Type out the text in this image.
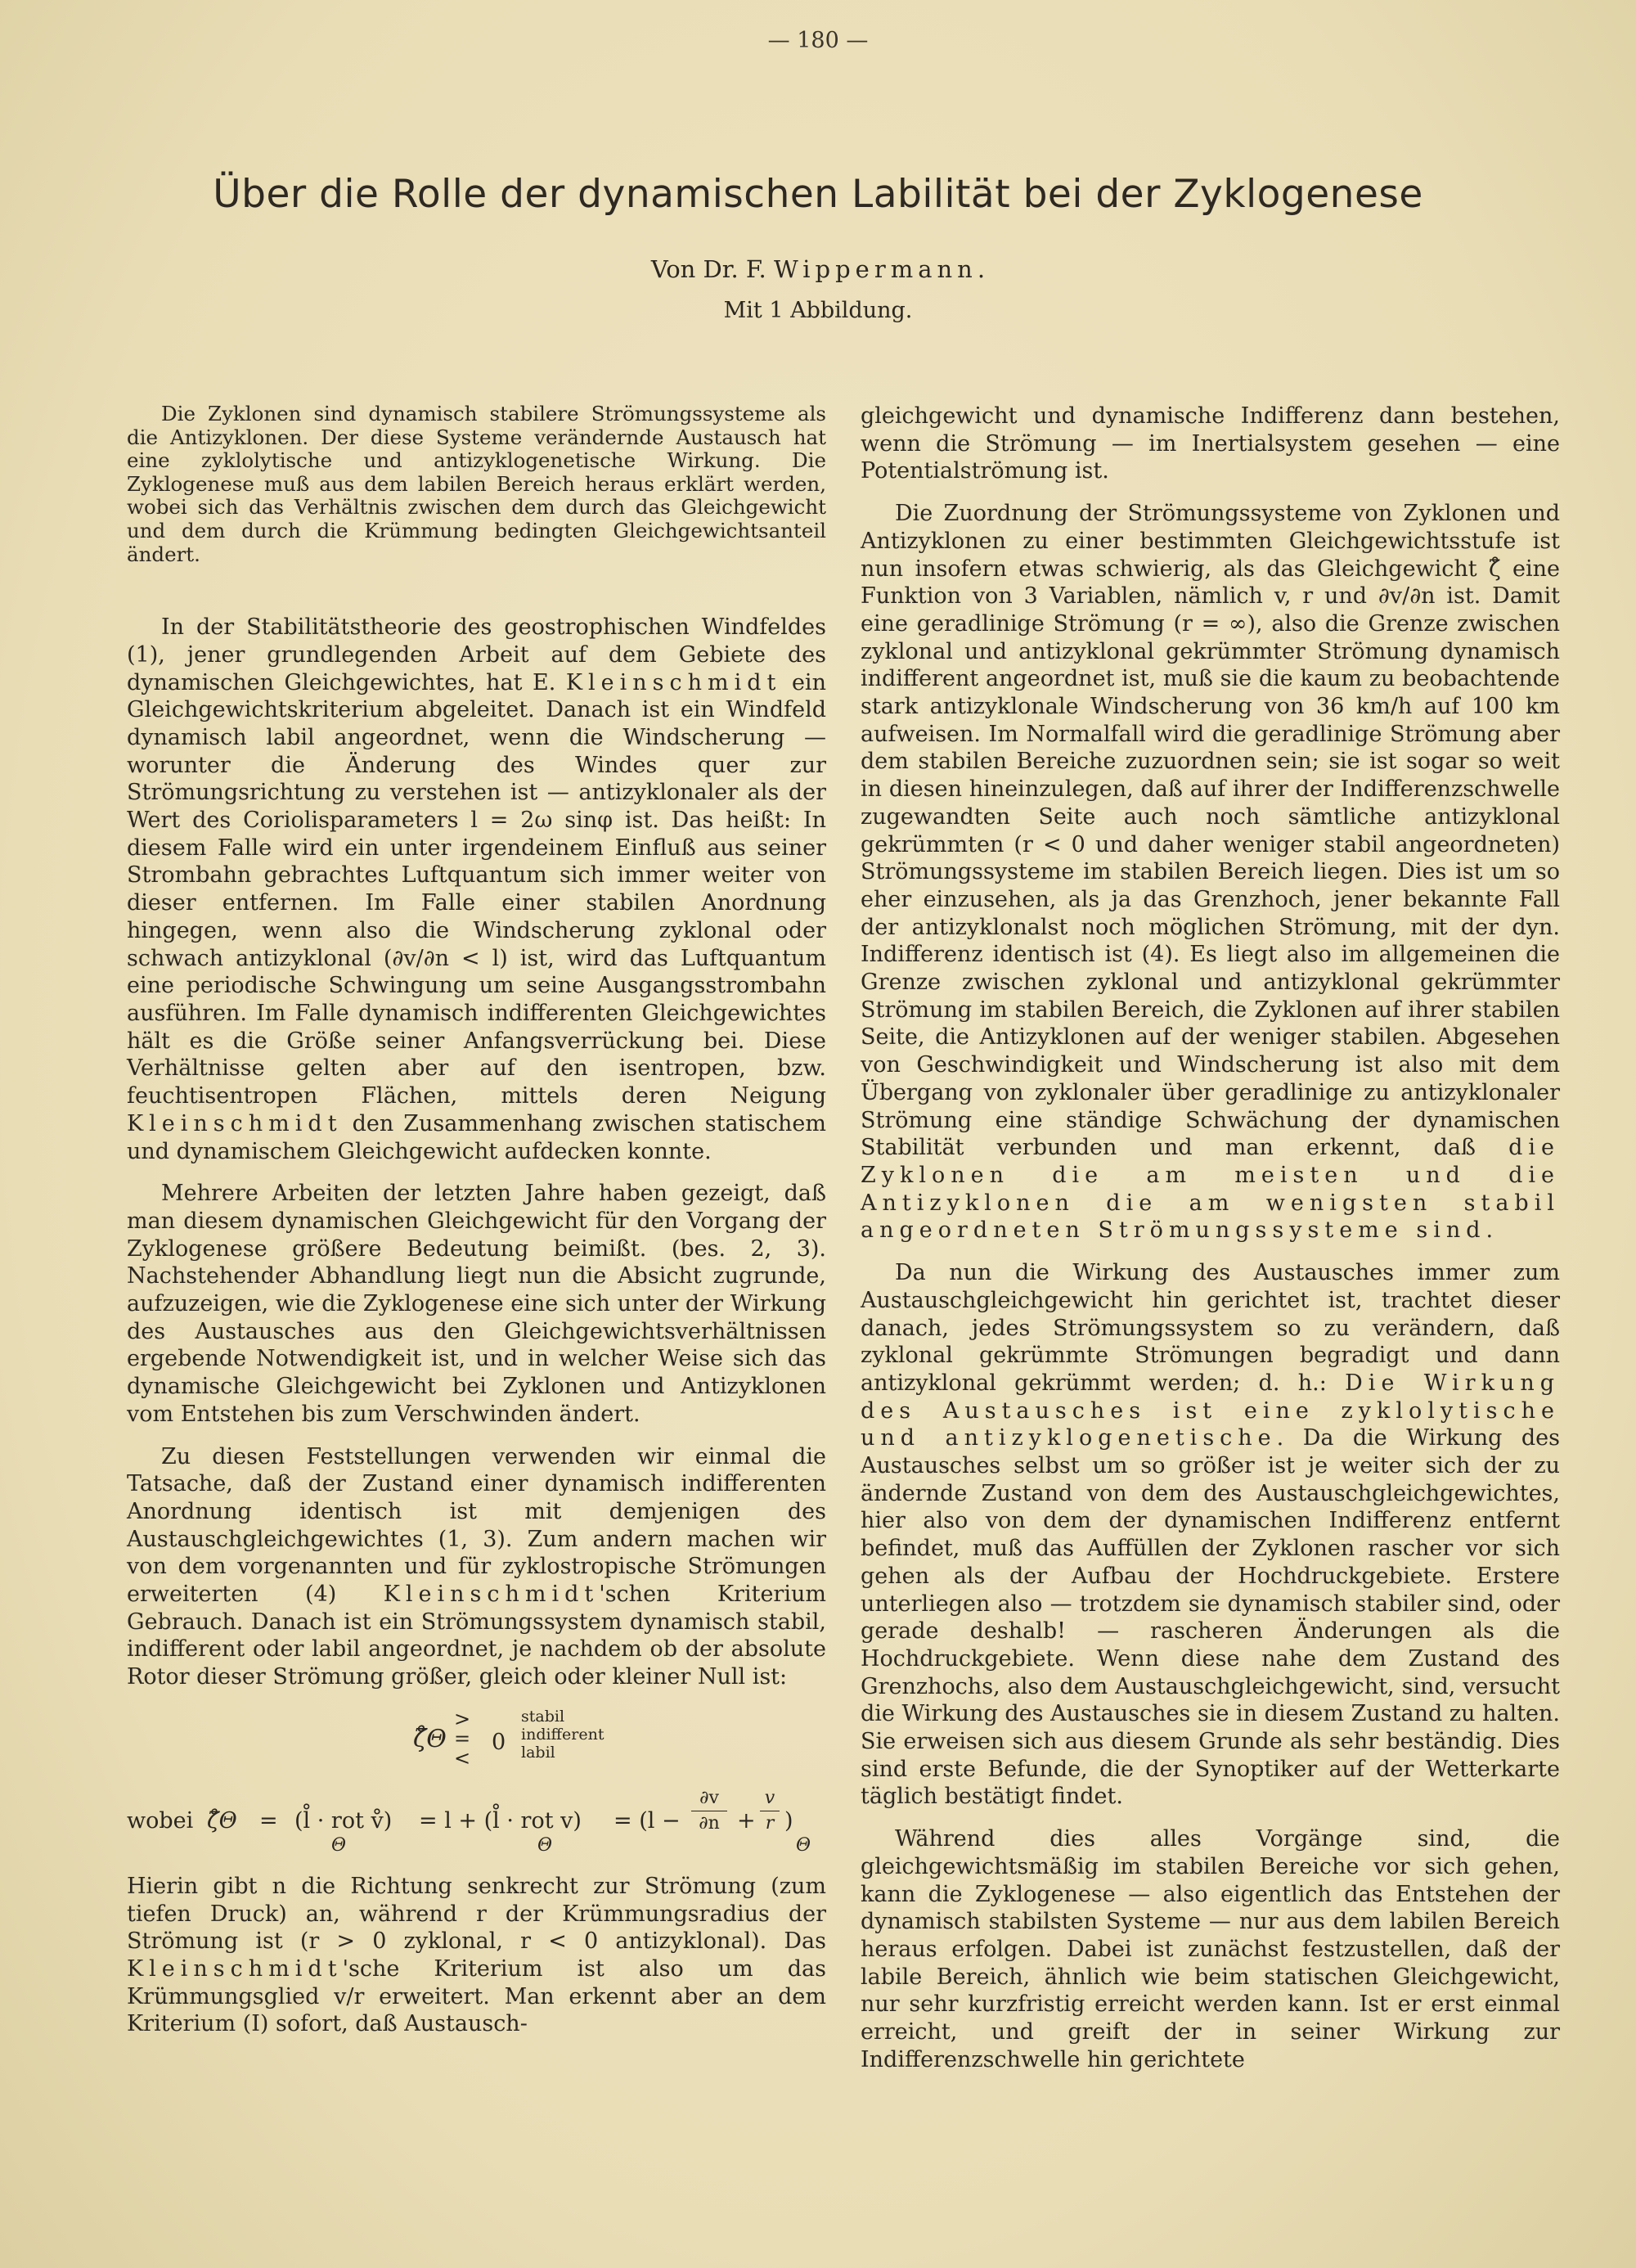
— 180 —
Über die Rolle der dynamischen Labilität bei der Zyklogenese
Von Dr. F. Wippermann.
Mit 1 Abbildung.

Die Zyklonen sind dynamisch stabilere Strömungssysteme als die Antizyklonen. Der diese Systeme verändernde Austausch hat eine zyklolytische und antizyklogenetische Wirkung. Die Zyklogenese muß aus dem labilen Bereich heraus erklärt werden, wobei sich das Verhältnis zwischen dem durch das Gleichgewicht und dem durch die Krümmung bedingten Gleichgewichtsanteil ändert.

In der Stabilitätstheorie des geostrophischen Windfeldes (1), jener grundlegenden Arbeit auf dem Gebiete des dynamischen Gleichgewichtes, hat E. Kleinschmidt ein Gleichgewichtskriterium abgeleitet. Danach ist ein Windfeld dynamisch labil angeordnet, wenn die Windscherung — worunter die Änderung des Windes quer zur Strömungsrichtung zu verstehen ist — antizyklonaler als der Wert des Coriolisparameters l = 2ω sinφ ist. Das heißt: In diesem Falle wird ein unter irgendeinem Einfluß aus seiner Strombahn gebrachtes Luftquantum sich immer weiter von dieser entfernen. Im Falle einer stabilen Anordnung hingegen, wenn also die Windscherung zyklonal oder schwach antizyklonal (∂v/∂n < l) ist, wird das Luftquantum eine periodische Schwingung um seine Ausgangsstrombahn ausführen. Im Falle dynamisch indifferenten Gleichgewichtes hält es die Größe seiner Anfangsverrückung bei. Diese Verhältnisse gelten aber auf den isentropen, bzw. feuchtisentropen Flächen, mittels deren Neigung Kleinschmidt den Zusammenhang zwischen statischem und dynamischem Gleichgewicht aufdecken konnte.

Mehrere Arbeiten der letzten Jahre haben gezeigt, daß man diesem dynamischen Gleichgewicht für den Vorgang der Zyklogenese größere Bedeutung beimißt. (bes. 2, 3). Nachstehender Abhandlung liegt nun die Absicht zugrunde, aufzuzeigen, wie die Zyklogenese eine sich unter der Wirkung des Austausches aus den Gleichgewichtsverhältnissen ergebende Notwendigkeit ist, und in welcher Weise sich das dynamische Gleichgewicht bei Zyklonen und Antizyklonen vom Entstehen bis zum Verschwinden ändert.

Zu diesen Feststellungen verwenden wir einmal die Tatsache, daß der Zustand einer dynamisch indifferenten Anordnung identisch ist mit demjenigen des Austauschgleichgewichtes (1, 3). Zum andern machen wir von dem vorgenannten und für zyklostropische Strömungen erweiterten (4) Kleinschmidt'schen Kriterium Gebrauch. Danach ist ein Strömungssystem dynamisch stabil, indifferent oder labil angeordnet, je nachdem ob der absolute Rotor dieser Strömung größer, gleich oder kleiner Null ist:

ζ̊Θ
>
=
<
0
stabil
indifferent
labil
wobei ζ̊Θ = (l̊ · rot v̊)
Θ
= l + (l̊ · rot v)
Θ
= ($l - \frac{\partial v}{\partial n} + \frac{v}{r}$ )
Θ

Hierin gibt n die Richtung senkrecht zur Strömung (zum tiefen Druck) an, während r der Krümmungsradius der Strömung ist (r > 0 zyklonal, r < 0 antizyklonal). Das Kleinschmidt'sche Kriterium ist also um das Krümmungsglied v/r erweitert. Man erkennt aber an dem Kriterium (I) sofort, daß Austausch-

gleichgewicht und dynamische Indifferenz dann bestehen, wenn die Strömung — im Inertialsystem gesehen — eine Potentialströmung ist.

Die Zuordnung der Strömungssysteme von Zyklonen und Antizyklonen zu einer bestimmten Gleichgewichtsstufe ist nun insofern etwas schwierig, als das Gleichgewicht ζ̊ eine Funktion von 3 Variablen, nämlich v, r und ∂v/∂n ist. Damit eine geradlinige Strömung (r = ∞), also die Grenze zwischen zyklonal und antizyklonal gekrümmter Strömung dynamisch indifferent angeordnet ist, muß sie die kaum zu beobachtende stark antizyklonale Windscherung von 36 km/h auf 100 km aufweisen. Im Normalfall wird die geradlinige Strömung aber dem stabilen Bereiche zuzuordnen sein; sie ist sogar so weit in diesen hineinzulegen, daß auf ihrer der Indifferenzschwelle zugewandten Seite auch noch sämtliche antizyklonal gekrümmten (r < 0 und daher weniger stabil angeordneten) Strömungssysteme im stabilen Bereich liegen. Dies ist um so eher einzusehen, als ja das Grenzhoch, jener bekannte Fall der antizyklonalst noch möglichen Strömung, mit der dyn. Indifferenz identisch ist (4). Es liegt also im allgemeinen die Grenze zwischen zyklonal und antizyklonal gekrümmter Strömung im stabilen Bereich, die Zyklonen auf ihrer stabilen Seite, die Antizyklonen auf der weniger stabilen. Abgesehen von Geschwindigkeit und Windscherung ist also mit dem Übergang von zyklonaler über geradlinige zu antizyklonaler Strömung eine ständige Schwächung der dynamischen Stabilität verbunden und man erkennt, daß die Zyklonen die am meisten und die Antizyklonen die am wenigsten stabil angeordneten Strömungssysteme sind.

Da nun die Wirkung des Austausches immer zum Austauschgleichgewicht hin gerichtet ist, trachtet dieser danach, jedes Strömungssystem so zu verändern, daß zyklonal gekrümmte Strömungen begradigt und dann antizyklonal gekrümmt werden; d. h.: Die Wirkung des Austausches ist eine zyklolytische und antizyklogenetische. Da die Wirkung des Austausches selbst um so größer ist je weiter sich der zu ändernde Zustand von dem des Austauschgleichgewichtes, hier also von dem der dynamischen Indifferenz entfernt befindet, muß das Auffüllen der Zyklonen rascher vor sich gehen als der Aufbau der Hochdruckgebiete. Erstere unterliegen also — trotzdem sie dynamisch stabiler sind, oder gerade deshalb! — rascheren Änderungen als die Hochdruckgebiete. Wenn diese nahe dem Zustand des Grenzhochs, also dem Austauschgleichgewicht, sind, versucht die Wirkung des Austausches sie in diesem Zustand zu halten. Sie erweisen sich aus diesem Grunde als sehr beständig. Dies sind erste Befunde, die der Synoptiker auf der Wetterkarte täglich bestätigt findet.

Während dies alles Vorgänge sind, die gleichgewichtsmäßig im stabilen Bereiche vor sich gehen, kann die Zyklogenese — also eigentlich das Entstehen der dynamisch stabilsten Systeme — nur aus dem labilen Bereich heraus erfolgen. Dabei ist zunächst festzustellen, daß der labile Bereich, ähnlich wie beim statischen Gleichgewicht, nur sehr kurzfristig erreicht werden kann. Ist er erst einmal erreicht, und greift der in seiner Wirkung zur Indifferenzschwelle hin gerichtete
